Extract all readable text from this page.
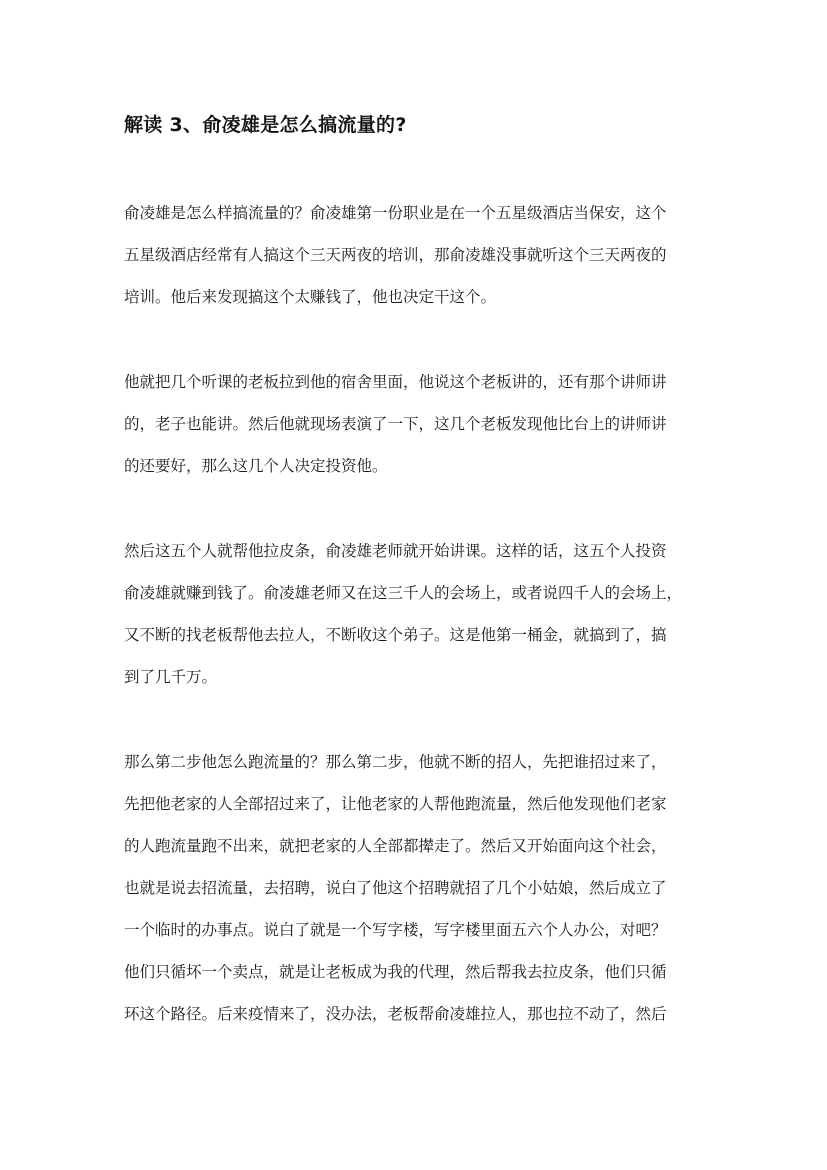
解读 3、俞凌雄是怎么搞流量的?
俞凌雄是怎么样搞流量的？俞凌雄第一份职业是在一个五星级酒店当保安，这个
五星级酒店经常有人搞这个三天两夜的培训，那俞凌雄没事就听这个三天两夜的
培训。他后来发现搞这个太赚钱了，他也决定干这个。
他就把几个听课的老板拉到他的宿舍里面，他说这个老板讲的，还有那个讲师讲
的，老子也能讲。然后他就现场表演了一下，这几个老板发现他比台上的讲师讲
的还要好，那么这几个人决定投资他。
然后这五个人就帮他拉皮条，俞凌雄老师就开始讲课。这样的话，这五个人投资
俞凌雄就赚到钱了。俞凌雄老师又在这三千人的会场上，或者说四千人的会场上，
又不断的找老板帮他去拉人，不断收这个弟子。这是他第一桶金，就搞到了，搞
到了几千万。
那么第二步他怎么跑流量的？那么第二步，他就不断的招人，先把谁招过来了，
先把他老家的人全部招过来了，让他老家的人帮他跑流量，然后他发现他们老家
的人跑流量跑不出来，就把老家的人全部都撵走了。然后又开始面向这个社会，
也就是说去招流量，去招聘，说白了他这个招聘就招了几个小姑娘，然后成立了
一个临时的办事点。说白了就是一个写字楼，写字楼里面五六个人办公，对吧？
他们只循坏一个卖点，就是让老板成为我的代理，然后帮我去拉皮条，他们只循
环这个路径。后来疫情来了，没办法，老板帮俞凌雄拉人，那也拉不动了，然后
